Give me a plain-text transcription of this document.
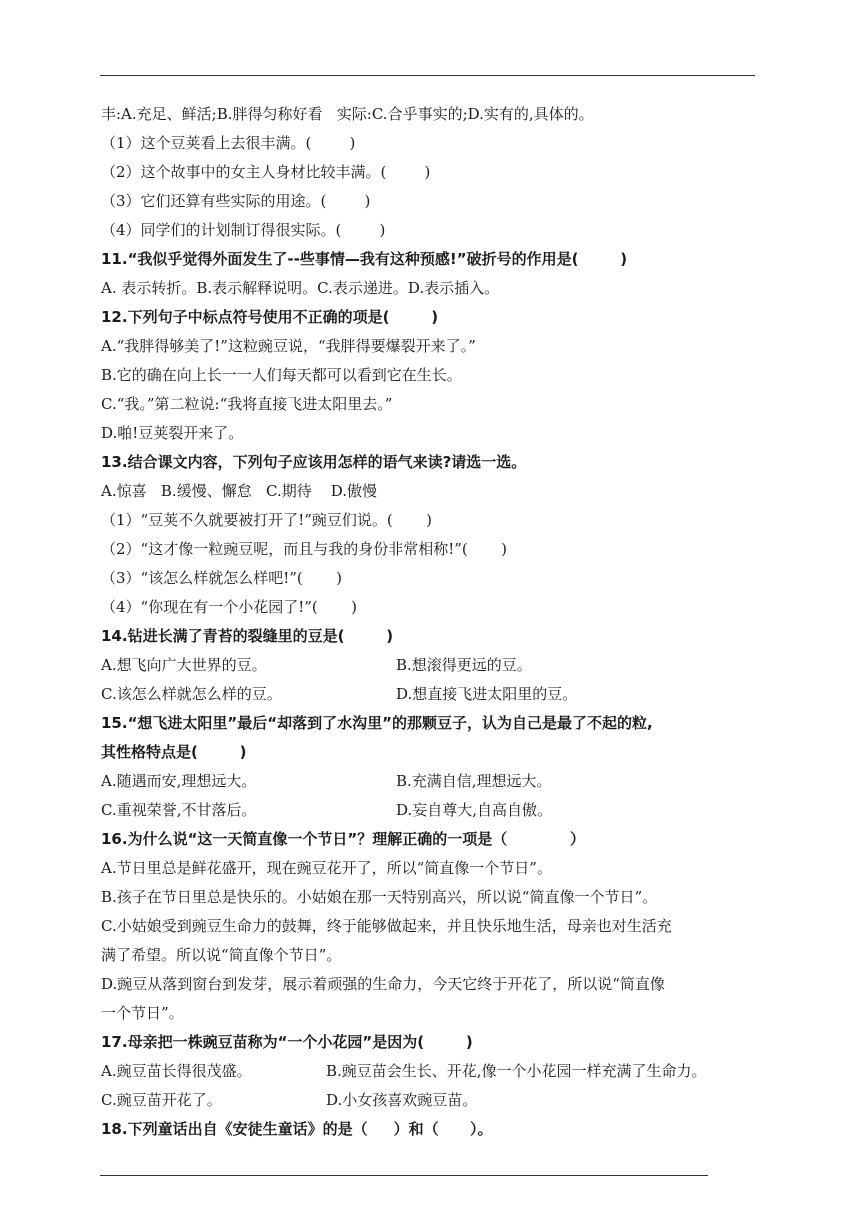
丰:A.充足、鲜活;B.胖得匀称好看   实际:C.合乎事实的;D.实有的,具体的。
（1）这个豆荚看上去很丰满。(        )
（2）这个故事中的女主人身材比较丰满。(        )
（3）它们还算有些实际的用途。(        )
（4）同学们的计划制订得很实际。(        )
11.“我似乎觉得外面发生了--些事情—我有这种预感!”破折号的作用是(        )
A. 表示转折。B.表示解释说明。C.表示递进。D.表示插入。
12.下列句子中标点符号使用不正确的项是(        )
A.“我胖得够美了!”这粒豌豆说，“我胖得要爆裂开来了。”
B.它的确在向上长一一人们每天都可以看到它在生长。
C.“我。”第二粒说:“我将直接飞进太阳里去。”
D.啪!豆荚裂开来了。
13.结合课文内容，下列句子应该用怎样的语气来读?请选一选。
A.惊喜   B.缓慢、懈怠   C.期待    D.傲慢
（1）“豆荚不久就要被打开了!”豌豆们说。(       )
（2）“这才像一粒豌豆呢，而且与我的身份非常相称!”(       )
（3）“该怎么样就怎么样吧!”(       )
（4）“你现在有一个小花园了!”(       )
14.钻进长满了青苔的裂缝里的豆是(        )
A.想飞向广大世界的豆。	B.想滚得更远的豆。
C.该怎么样就怎么样的豆。	D.想直接飞进太阳里的豆。
15.“想飞进太阳里”最后“却落到了水沟里”的那颗豆子，认为自己是最了不起的粒,
其性格特点是(        )
A.随遇而安,理想远大。	B.充满自信,理想远大。
C.重视荣誉,不甘落后。	D.妄自尊大,自高自傲。
16.为什么说“这一天简直像一个节日”？理解正确的一项是（            ）
A.节日里总是鲜花盛开，现在豌豆花开了，所以“简直像一个节日”。
B.孩子在节日里总是快乐的。小姑娘在那一天特别高兴，所以说“简直像一个节日”。
C.小姑娘受到豌豆生命力的鼓舞，终于能够做起来，并且快乐地生活，母亲也对生活充
满了希望。所以说“简直像个节日”。
D.豌豆从落到窗台到发芽，展示着顽强的生命力，今天它终于开花了，所以说“简直像
一个节日”。
17.母亲把一株豌豆苗称为“一个小花园”是因为(        )
A.豌豆苗长得很茂盛。	B.豌豆苗会生长、开花,像一个小花园一样充满了生命力。
C.豌豆苗开花了。	D.小女孩喜欢豌豆苗。
18.下列童话出自《安徒生童话》的是（     ）和（      ）。
